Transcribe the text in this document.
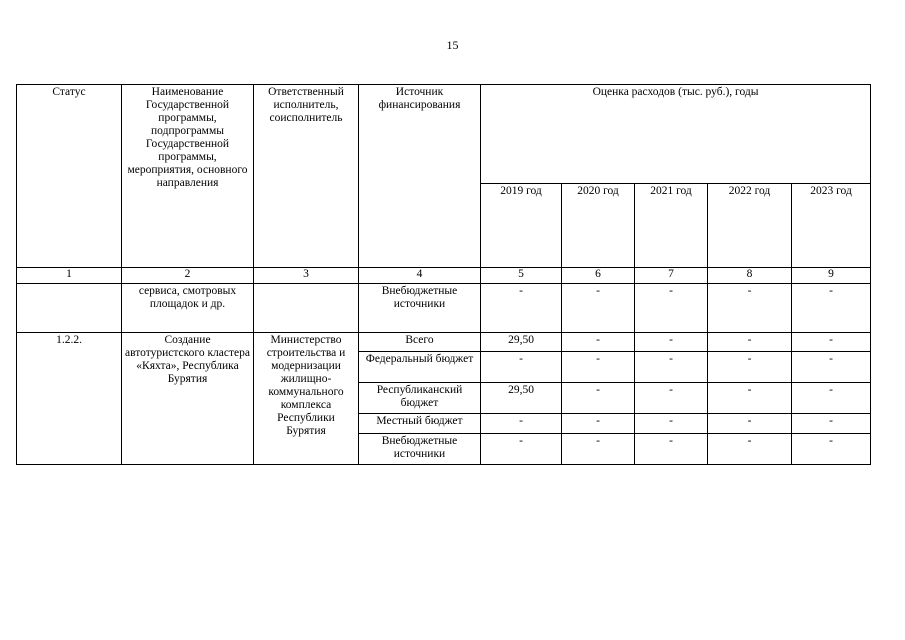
15
Статус	Наименование Государственной программы, подпрограммы Государственной программы, мероприятия, основного направления	Ответственный исполнитель, соисполнитель	Источник финансирования	Оценка расходов (тыс. руб.), годы				
				2019 год	2020 год	2021 год	2022 год	2023 год
1	2	3	4	5	6	7	8	9
	сервиса, смотровых площадок и др.		Внебюджетные источники	-	-	-	-	-
1.2.2.	Создание автотуристского кластера «Кяхта», Республика Бурятия	Министерство строительства и модернизации жилищно-коммунального комплекса Республики Бурятия	Всего	29,50	-	-	-	-
			Федеральный бюджет	-	-	-	-	-
			Республиканский бюджет	29,50	-	-	-	-
			Местный бюджет	-	-	-	-	-
			Внебюджетные источники	-	-	-	-	-
